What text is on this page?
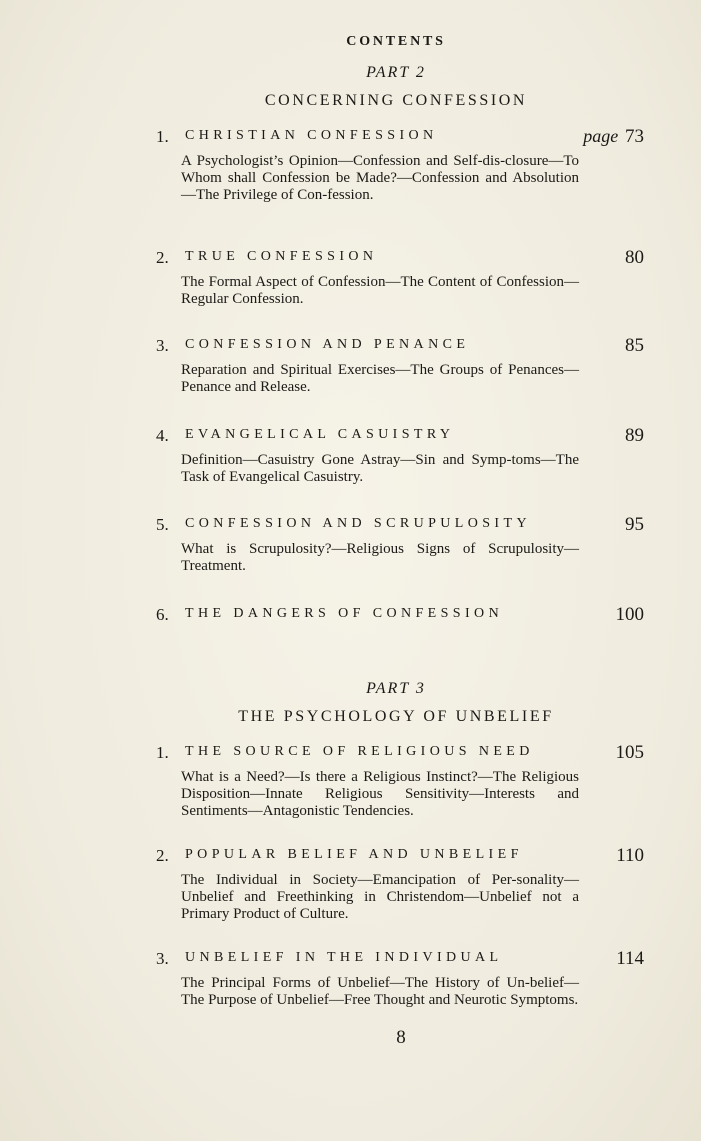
CONTENTS
PART 2
CONCERNING CONFESSION
1.	CHRISTIAN CONFESSION	page 73
A Psychologist’s Opinion—Confession and Self-dis-closure—To Whom shall Confession be Made?—Confession and Absolution—The Privilege of Con-fession.
2.	TRUE CONFESSION	80
The Formal Aspect of Confession—The Content of Confession—Regular Confession.
3.	CONFESSION AND PENANCE	85
Reparation and Spiritual Exercises—The Groups of Penances—Penance and Release.
4.	EVANGELICAL CASUISTRY	89
Definition—Casuistry Gone Astray—Sin and Symp-toms—The Task of Evangelical Casuistry.
5.	CONFESSION AND SCRUPULOSITY	95
What is Scrupulosity?—Religious Signs of Scrupulosity—Treatment.
6.	THE DANGERS OF CONFESSION	100
PART 3
THE PSYCHOLOGY OF UNBELIEF
1.	THE SOURCE OF RELIGIOUS NEED	105
What is a Need?—Is there a Religious Instinct?—The Religious Disposition—Innate Religious Sensitivity—Interests and Sentiments—Antagonistic Tendencies.
2.	POPULAR BELIEF AND UNBELIEF	110
The Individual in Society—Emancipation of Per-sonality—Unbelief and Freethinking in Christendom—Unbelief not a Primary Product of Culture.
3.	UNBELIEF IN THE INDIVIDUAL	114
The Principal Forms of Unbelief—The History of Un-belief—The Purpose of Unbelief—Free Thought and Neurotic Symptoms.
8
